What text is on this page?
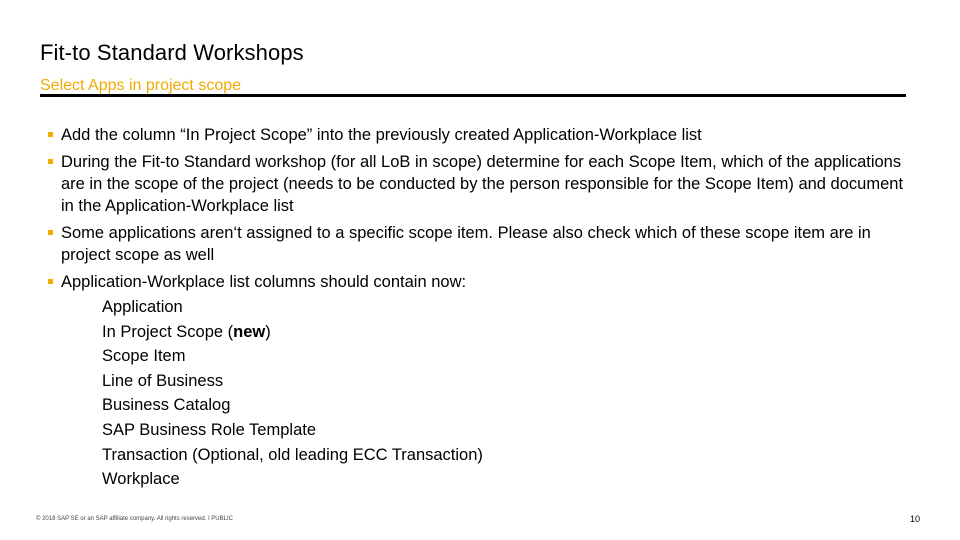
Fit-to Standard Workshops
Select Apps in project scope
Add the column “In Project Scope” into the previously created Application-Workplace list
During the Fit-to Standard workshop (for all LoB in scope) determine for each Scope Item, which of the applications are in the scope of the project (needs to be conducted by the person responsible for the Scope Item) and document in the Application-Workplace list
Some applications aren‘t assigned to a specific scope item. Please also check which of these scope item are in project scope as well
Application-Workplace list columns should contain now:
Application
In Project Scope (new)
Scope Item
Line of Business
Business Catalog
SAP Business Role Template
Transaction (Optional, old leading ECC Transaction)
Workplace
© 2018 SAP SE or an SAP affiliate company. All rights reserved. ǀ PUBLIC	10
